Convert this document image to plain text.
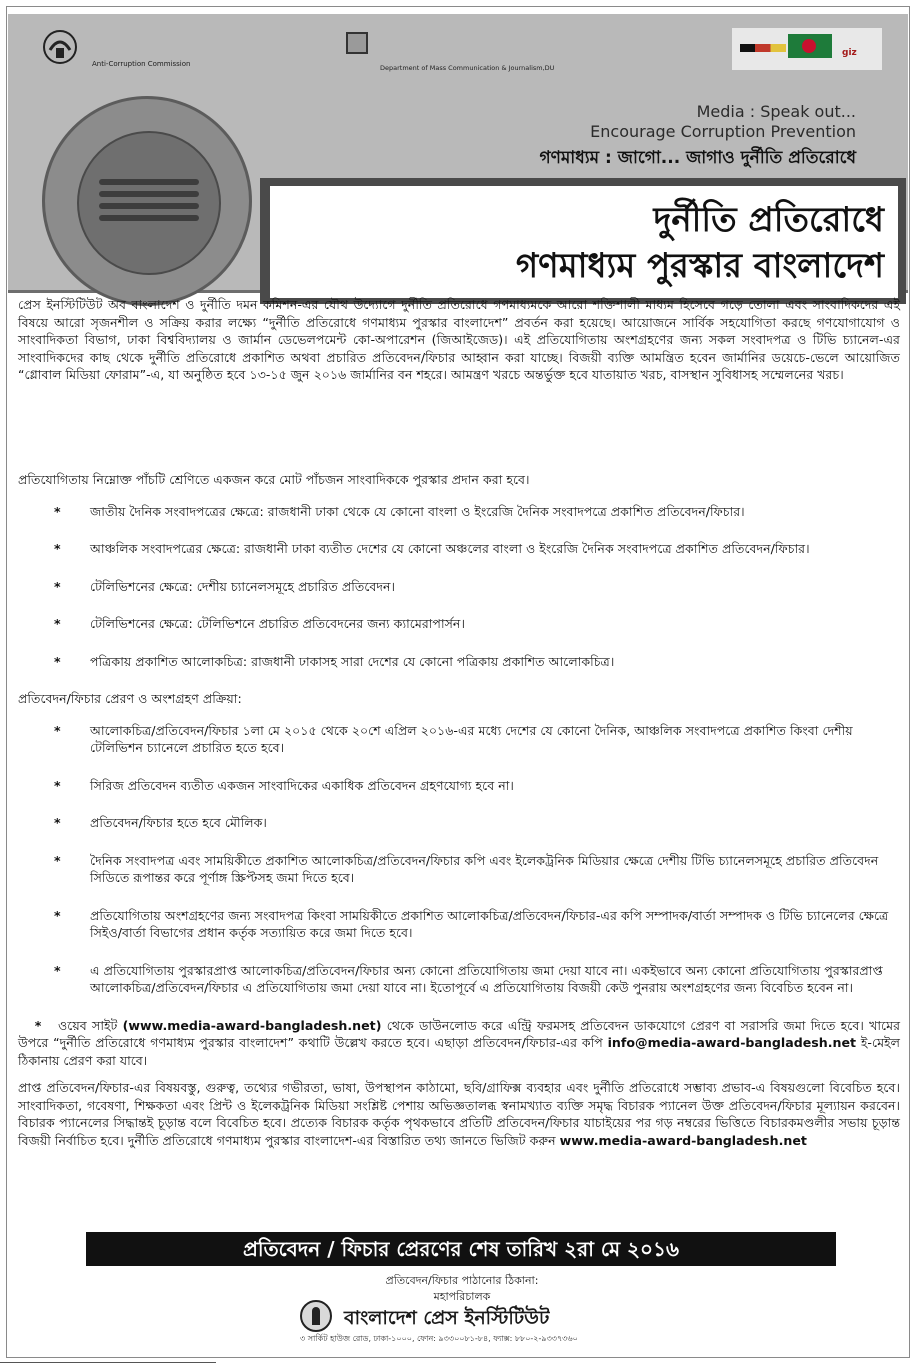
Anti-Corruption Commission	Department of Mass Communication & Journalism,DU
giz
Media : Speak out...
Encourage Corruption Prevention
গণমাধ্যম : জাগো... জাগাও দুর্নীতি প্রতিরোধে
দুর্নীতি প্রতিরোধে
গণমাধ্যম পুরস্কার বাংলাদেশ

প্রেস ইনস্টিটিউট অব বাংলাদেশ ও দুর্নীতি দমন কমিশন-এর যৌথ উদ্যোগে দুর্নীতি প্রতিরোধে গণমাধ্যমকে আরো শক্তিশালী মাধ্যম হিসেবে গড়ে তোলা এবং সাংবাদিকদের এই বিষয়ে আরো সৃজনশীল ও সক্রিয় করার লক্ষ্যে “দুর্নীতি প্রতিরোধে গণমাধ্যম পুরস্কার বাংলাদেশ” প্রবর্তন করা হয়েছে। আয়োজনে সার্বিক সহযোগিতা করছে গণযোগাযোগ ও সাংবাদিকতা বিভাগ, ঢাকা বিশ্ববিদ্যালয় ও জার্মান ডেভেলপমেন্ট কো-অপারেশন (জিআইজেড)। এই প্রতিযোগিতায় অংশগ্রহণের জন্য সকল সংবাদপত্র ও টিভি চ্যানেল-এর সাংবাদিকদের কাছ থেকে দুর্নীতি প্রতিরোধে প্রকাশিত অথবা প্রচারিত প্রতিবেদন/ফিচার আহ্বান করা যাচ্ছে। বিজয়ী ব্যক্তি আমন্ত্রিত হবেন জার্মানির ডয়েচে-ভেলে আয়োজিত “গ্লোবাল মিডিয়া ফোরাম”-এ, যা অনুষ্ঠিত হবে ১৩-১৫ জুন ২০১৬ জার্মানির বন শহরে। আমন্ত্রণ খরচে অন্তর্ভুক্ত হবে যাতায়াত খরচ, বাসস্থান সুবিধাসহ সম্মেলনের খরচ।

প্রতিযোগিতায় নিম্নোক্ত পাঁচটি শ্রেণিতে একজন করে মোট পাঁচজন সাংবাদিককে পুরস্কার প্রদান করা হবে।

* জাতীয় দৈনিক সংবাদপত্রের ক্ষেত্রে: রাজধানী ঢাকা থেকে যে কোনো বাংলা ও ইংরেজি দৈনিক সংবাদপত্রে প্রকাশিত প্রতিবেদন/ফিচার।
* আঞ্চলিক সংবাদপত্রের ক্ষেত্রে: রাজধানী ঢাকা ব্যতীত দেশের যে কোনো অঞ্চলের বাংলা ও ইংরেজি দৈনিক সংবাদপত্রে প্রকাশিত প্রতিবেদন/ফিচার।
* টেলিভিশনের ক্ষেত্রে: দেশীয় চ্যানেলসমূহে প্রচারিত প্রতিবেদন।
* টেলিভিশনের ক্ষেত্রে: টেলিভিশনে প্রচারিত প্রতিবেদনের জন্য ক্যামেরাপার্সন।
* পত্রিকায় প্রকাশিত আলোকচিত্র: রাজধানী ঢাকাসহ সারা দেশের যে কোনো পত্রিকায় প্রকাশিত আলোকচিত্র।

প্রতিবেদন/ফিচার প্রেরণ ও অংশগ্রহণ প্রক্রিয়া:

* আলোকচিত্র/প্রতিবেদন/ফিচার ১লা মে ২০১৫ থেকে ২০শে এপ্রিল ২০১৬-এর মধ্যে দেশের যে কোনো দৈনিক, আঞ্চলিক সংবাদপত্রে প্রকাশিত কিংবা দেশীয় টেলিভিশন চ্যানেলে প্রচারিত হতে হবে।
* সিরিজ প্রতিবেদন ব্যতীত একজন সাংবাদিকের একাধিক প্রতিবেদন গ্রহণযোগ্য হবে না।
* প্রতিবেদন/ফিচার হতে হবে মৌলিক।
* দৈনিক সংবাদপত্র এবং সাময়িকীতে প্রকাশিত আলোকচিত্র/প্রতিবেদন/ফিচার কপি এবং ইলেকট্রনিক মিডিয়ার ক্ষেত্রে দেশীয় টিভি চ্যানেলসমূহে প্রচারিত প্রতিবেদন সিডিতে রূপান্তর করে পূর্ণাঙ্গ স্ক্রিপ্টসহ জমা দিতে হবে।
* প্রতিযোগিতায় অংশগ্রহণের জন্য সংবাদপত্র কিংবা সাময়িকীতে প্রকাশিত আলোকচিত্র/প্রতিবেদন/ফিচার-এর কপি সম্পাদক/বার্তা সম্পাদক ও টিভি চ্যানেলের ক্ষেত্রে সিইও/বার্তা বিভাগের প্রধান কর্তৃক সত্যায়িত করে জমা দিতে হবে।
* এ প্রতিযোগিতায় পুরস্কারপ্রাপ্ত আলোকচিত্র/প্রতিবেদন/ফিচার অন্য কোনো প্রতিযোগিতায় জমা দেয়া যাবে না। একইভাবে অন্য কোনো প্রতিযোগিতায় পুরস্কারপ্রাপ্ত আলোকচিত্র/প্রতিবেদন/ফিচার এ প্রতিযোগিতায় জমা দেয়া যাবে না। ইতোপূর্বে এ প্রতিযোগিতায় বিজয়ী কেউ পুনরায় অংশগ্রহণের জন্য বিবেচিত হবেন না।

* ওয়েব সাইট (www.media-award-bangladesh.net) থেকে ডাউনলোড করে এন্ট্রি ফরমসহ প্রতিবেদন ডাকযোগে প্রেরণ বা সরাসরি জমা দিতে হবে। খামের উপরে “দুর্নীতি প্রতিরোধে গণমাধ্যম পুরস্কার বাংলাদেশ” কথাটি উল্লেখ করতে হবে। এছাড়া প্রতিবেদন/ফিচার-এর কপি info@media-award-bangladesh.net ই-মেইল ঠিকানায় প্রেরণ করা যাবে।

প্রাপ্ত প্রতিবেদন/ফিচার-এর বিষয়বস্তু, গুরুত্ব, তথ্যের গভীরতা, ভাষা, উপস্থাপন কাঠামো, ছবি/গ্রাফিক্স ব্যবহার এবং দুর্নীতি প্রতিরোধে সম্ভাব্য প্রভাব-এ বিষয়গুলো বিবেচিত হবে। সাংবাদিকতা, গবেষণা, শিক্ষকতা এবং প্রিন্ট ও ইলেকট্রনিক মিডিয়া সংশ্লিষ্ট পেশায় অভিজ্ঞতালব্ধ স্বনামখ্যাত ব্যক্তি সমৃদ্ধ বিচারক প্যানেল উক্ত প্রতিবেদন/ফিচার মূল্যায়ন করবেন। বিচারক প্যানেলের সিদ্ধান্তই চূড়ান্ত বলে বিবেচিত হবে। প্রত্যেক বিচারক কর্তৃক পৃথকভাবে প্রতিটি প্রতিবেদন/ফিচার যাচাইয়ের পর গড় নম্বরের ভিত্তিতে বিচারকমণ্ডলীর সভায় চূড়ান্ত বিজয়ী নির্বাচিত হবে। দুর্নীতি প্রতিরোধে গণমাধ্যম পুরস্কার বাংলাদেশ-এর বিস্তারিত তথ্য জানতে ভিজিট করুন www.media-award-bangladesh.net

প্রতিবেদন / ফিচার প্রেরণের শেষ তারিখ ২রা মে ২০১৬
প্রতিবেদন/ফিচার পাঠানোর ঠিকানা:
মহাপরিচালক
বাংলাদেশ প্রেস ইনস্টিটিউট
৩ সার্কিট হাউজ রোড, ঢাকা-১০০০, ফোন: ৯৩৩০০৮১-৮৪, ফ্যাক্স: ৮৮০-২-৯৩৩৭৩৬০
